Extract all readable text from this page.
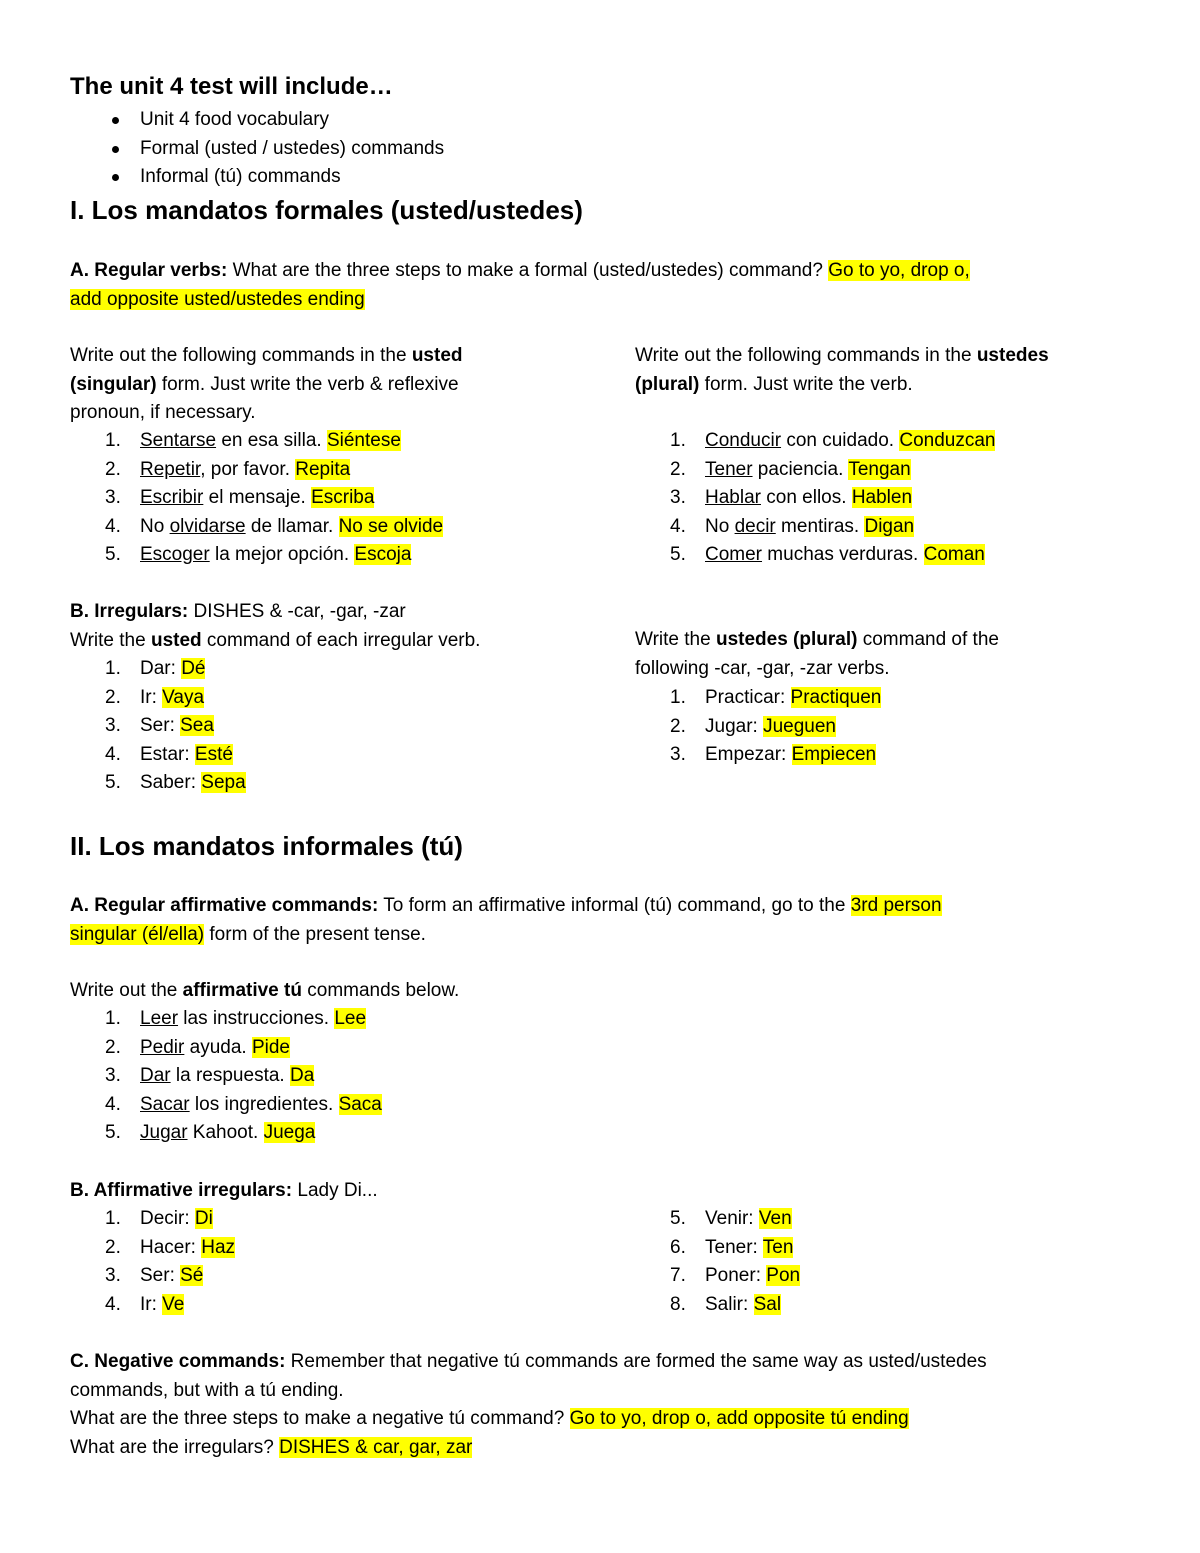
The unit 4 test will include…
Unit 4 food vocabulary
Formal (usted / ustedes) commands
Informal (tú) commands
I. Los mandatos formales (usted/ustedes)
A. Regular verbs: What are the three steps to make a formal (usted/ustedes) command? Go to yo, drop o,
add opposite usted/ustedes ending
Write out the following commands in the usted
(singular) form. Just write the verb & reflexive
pronoun, if necessary.
1. Sentarse en esa silla. Siéntese
2. Repetir, por favor. Repita
3. Escribir el mensaje. Escriba
4. No olvidarse de llamar. No se olvide
5. Escoger la mejor opción. Escoja
Write out the following commands in the ustedes
(plural) form. Just write the verb.
1. Conducir con cuidado. Conduzcan
2. Tener paciencia. Tengan
3. Hablar con ellos. Hablen
4. No decir mentiras. Digan
5. Comer muchas verduras. Coman
B. Irregulars: DISHES & -car, -gar, -zar
Write the usted command of each irregular verb.
1. Dar: Dé
2. Ir: Vaya
3. Ser: Sea
4. Estar: Esté
5. Saber: Sepa
Write the ustedes (plural) command of the
following -car, -gar, -zar verbs.
1. Practicar: Practiquen
2. Jugar: Jueguen
3. Empezar: Empiecen
II. Los mandatos informales (tú)
A. Regular affirmative commands: To form an affirmative informal (tú) command, go to the 3rd person
singular (él/ella) form of the present tense.
Write out the affirmative tú commands below.
1. Leer las instrucciones. Lee
2. Pedir ayuda. Pide
3. Dar la respuesta. Da
4. Sacar los ingredientes. Saca
5. Jugar Kahoot. Juega
B. Affirmative irregulars: Lady Di...
1. Decir: Di
2. Hacer: Haz
3. Ser: Sé
4. Ir: Ve
5. Venir: Ven
6. Tener: Ten
7. Poner: Pon
8. Salir: Sal
C. Negative commands: Remember that negative tú commands are formed the same way as usted/ustedes
commands, but with a tú ending.
What are the three steps to make a negative tú command? Go to yo, drop o, add opposite tú ending
What are the irregulars? DISHES & car, gar, zar
